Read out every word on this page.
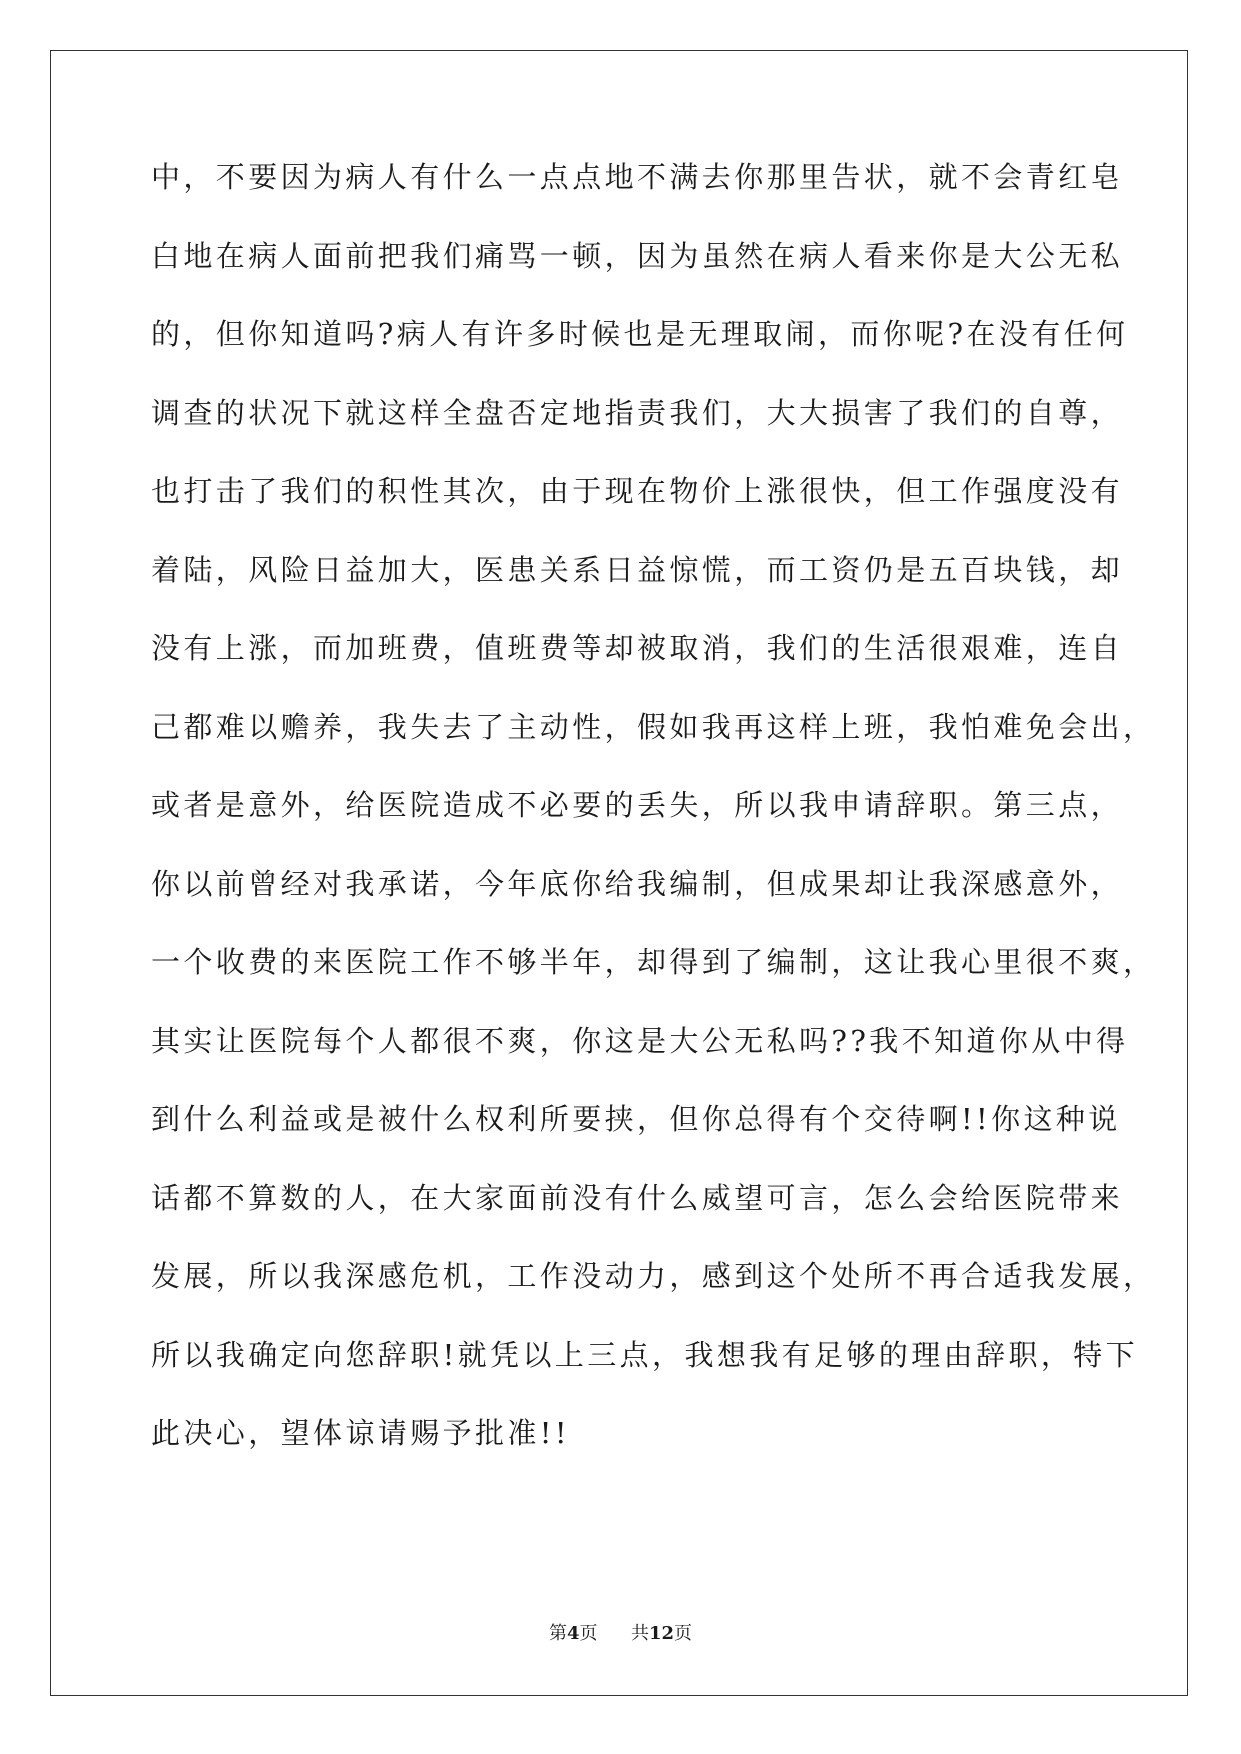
中，不要因为病人有什么一点点地不满去你那里告状，就不会青红皂
白地在病人面前把我们痛骂一顿，因为虽然在病人看来你是大公无私
的，但你知道吗?病人有许多时候也是无理取闹，而你呢?在没有任何
调查的状况下就这样全盘否定地指责我们，大大损害了我们的自尊，
也打击了我们的积性其次，由于现在物价上涨很快，但工作强度没有
着陆，风险日益加大，医患关系日益惊慌，而工资仍是五百块钱，却
没有上涨，而加班费，值班费等却被取消，我们的生活很艰难，连自
己都难以赡养，我失去了主动性，假如我再这样上班，我怕难免会出，
或者是意外，给医院造成不必要的丢失，所以我申请辞职。第三点，
你以前曾经对我承诺，今年底你给我编制，但成果却让我深感意外，
一个收费的来医院工作不够半年，却得到了编制，这让我心里很不爽，
其实让医院每个人都很不爽，你这是大公无私吗??我不知道你从中得
到什么利益或是被什么权利所要挟，但你总得有个交待啊!!你这种说
话都不算数的人，在大家面前没有什么威望可言，怎么会给医院带来
发展，所以我深感危机，工作没动力，感到这个处所不再合适我发展，
所以我确定向您辞职!就凭以上三点，我想我有足够的理由辞职，特下
此决心，望体谅请赐予批准!!
第4页 共12页
